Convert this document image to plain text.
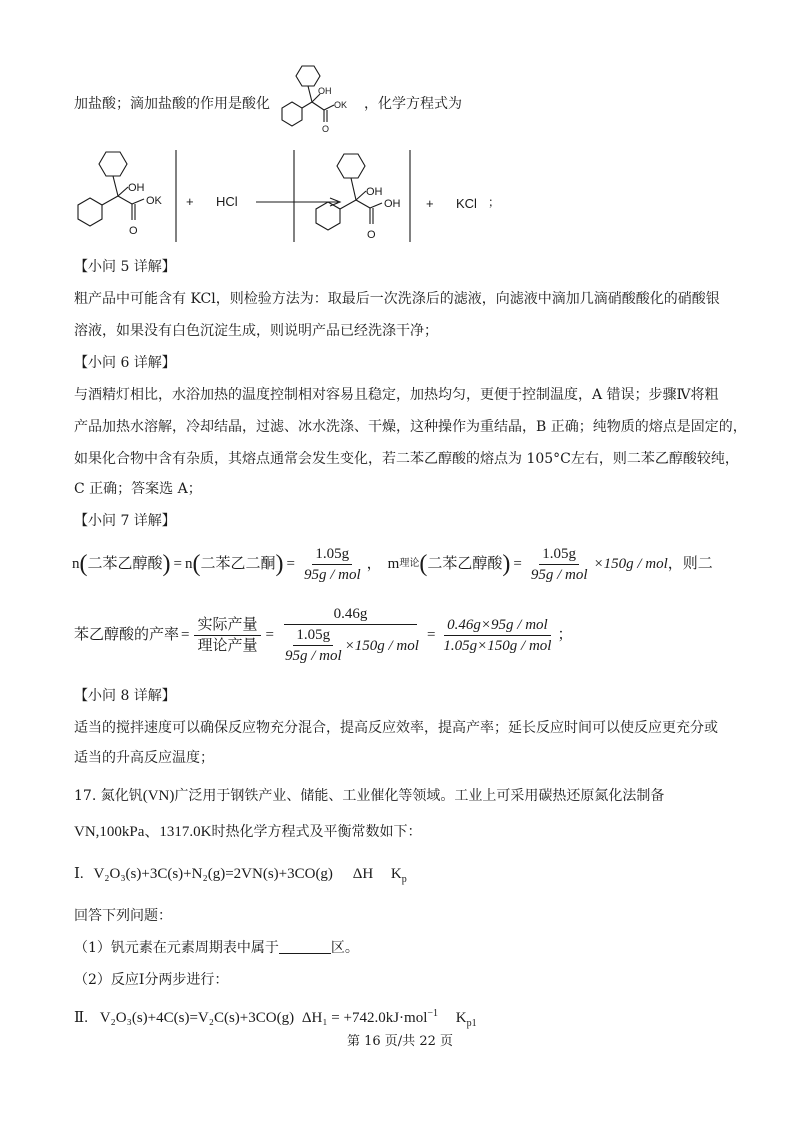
加盐酸；滴加盐酸的作用是酸化
OH
OK
O
，化学方程式为
OH
OK
O
+ HCl
OH
OH
O
+ KCl ；
【小问 5 详解】
粗产品中可能含有 KCl，则检验方法为：取最后一次洗涤后的滤液，向滤液中滴加几滴硝酸酸化的硝酸银
溶液，如果没有白色沉淀生成，则说明产品已经洗涤干净；
【小问 6 详解】
与酒精灯相比，水浴加热的温度控制相对容易且稳定，加热均匀，更便于控制温度，A 错误；步骤Ⅳ将粗
产品加热水溶解，冷却结晶，过滤、冰水洗涤、干燥，这种操作为重结晶，B 正确；纯物质的熔点是固定的，
如果化合物中含有杂质，其熔点通常会发生变化，若二苯乙醇酸的熔点为 105°C左右，则二苯乙醇酸较纯，
C 正确；答案选 A；
【小问 7 详解】
n ( 二苯乙醇酸 ) = n ( 二苯乙二酮 ) = $\frac{1.05g}{\text{95g / mol}}$ ， m 理论 ( 二苯乙醇酸 ) = $\frac{1.05g}{\text{95g / mol}} \times 150g$ / mol ，则二
苯乙醇酸的产率 = $\frac{\text{实际产量}}{\text{理论产量}} = \frac{0.46g}{\frac{1.05g}{\text{95g / mol}} \times 150g / mol} = \frac{\text{0.46g×95g / mol}}{\text{1.05g×150g / mol}}$ ；
【小问 8 详解】
适当的搅拌速度可以确保反应物充分混合，提高反应效率，提高产率；延长反应时间可以使反应更充分或
适当的升高反应温度；
17. 氮化钒(VN)广泛用于钢铁产业、储能、工业催化等领域。工业上可采用碳热还原氮化法制备
VN,100kPa、1317.0K时热化学方程式及平衡常数如下：
Ⅰ. V₂O₃(s)+3C(s)+N₂(g)=2VN(s)+3CO(g) ΔH $K_p$
回答下列问题：
（1）钒元素在元素周期表中属于	区。
（2）反应Ⅰ分两步进行：
Ⅱ. V₂O₃(s)+4C(s)=V₂C(s)+3CO(g) ΔH₁ = +742.0kJ·mol$^{-1}$ $K_{p1}$
第 16 页/共 22 页
